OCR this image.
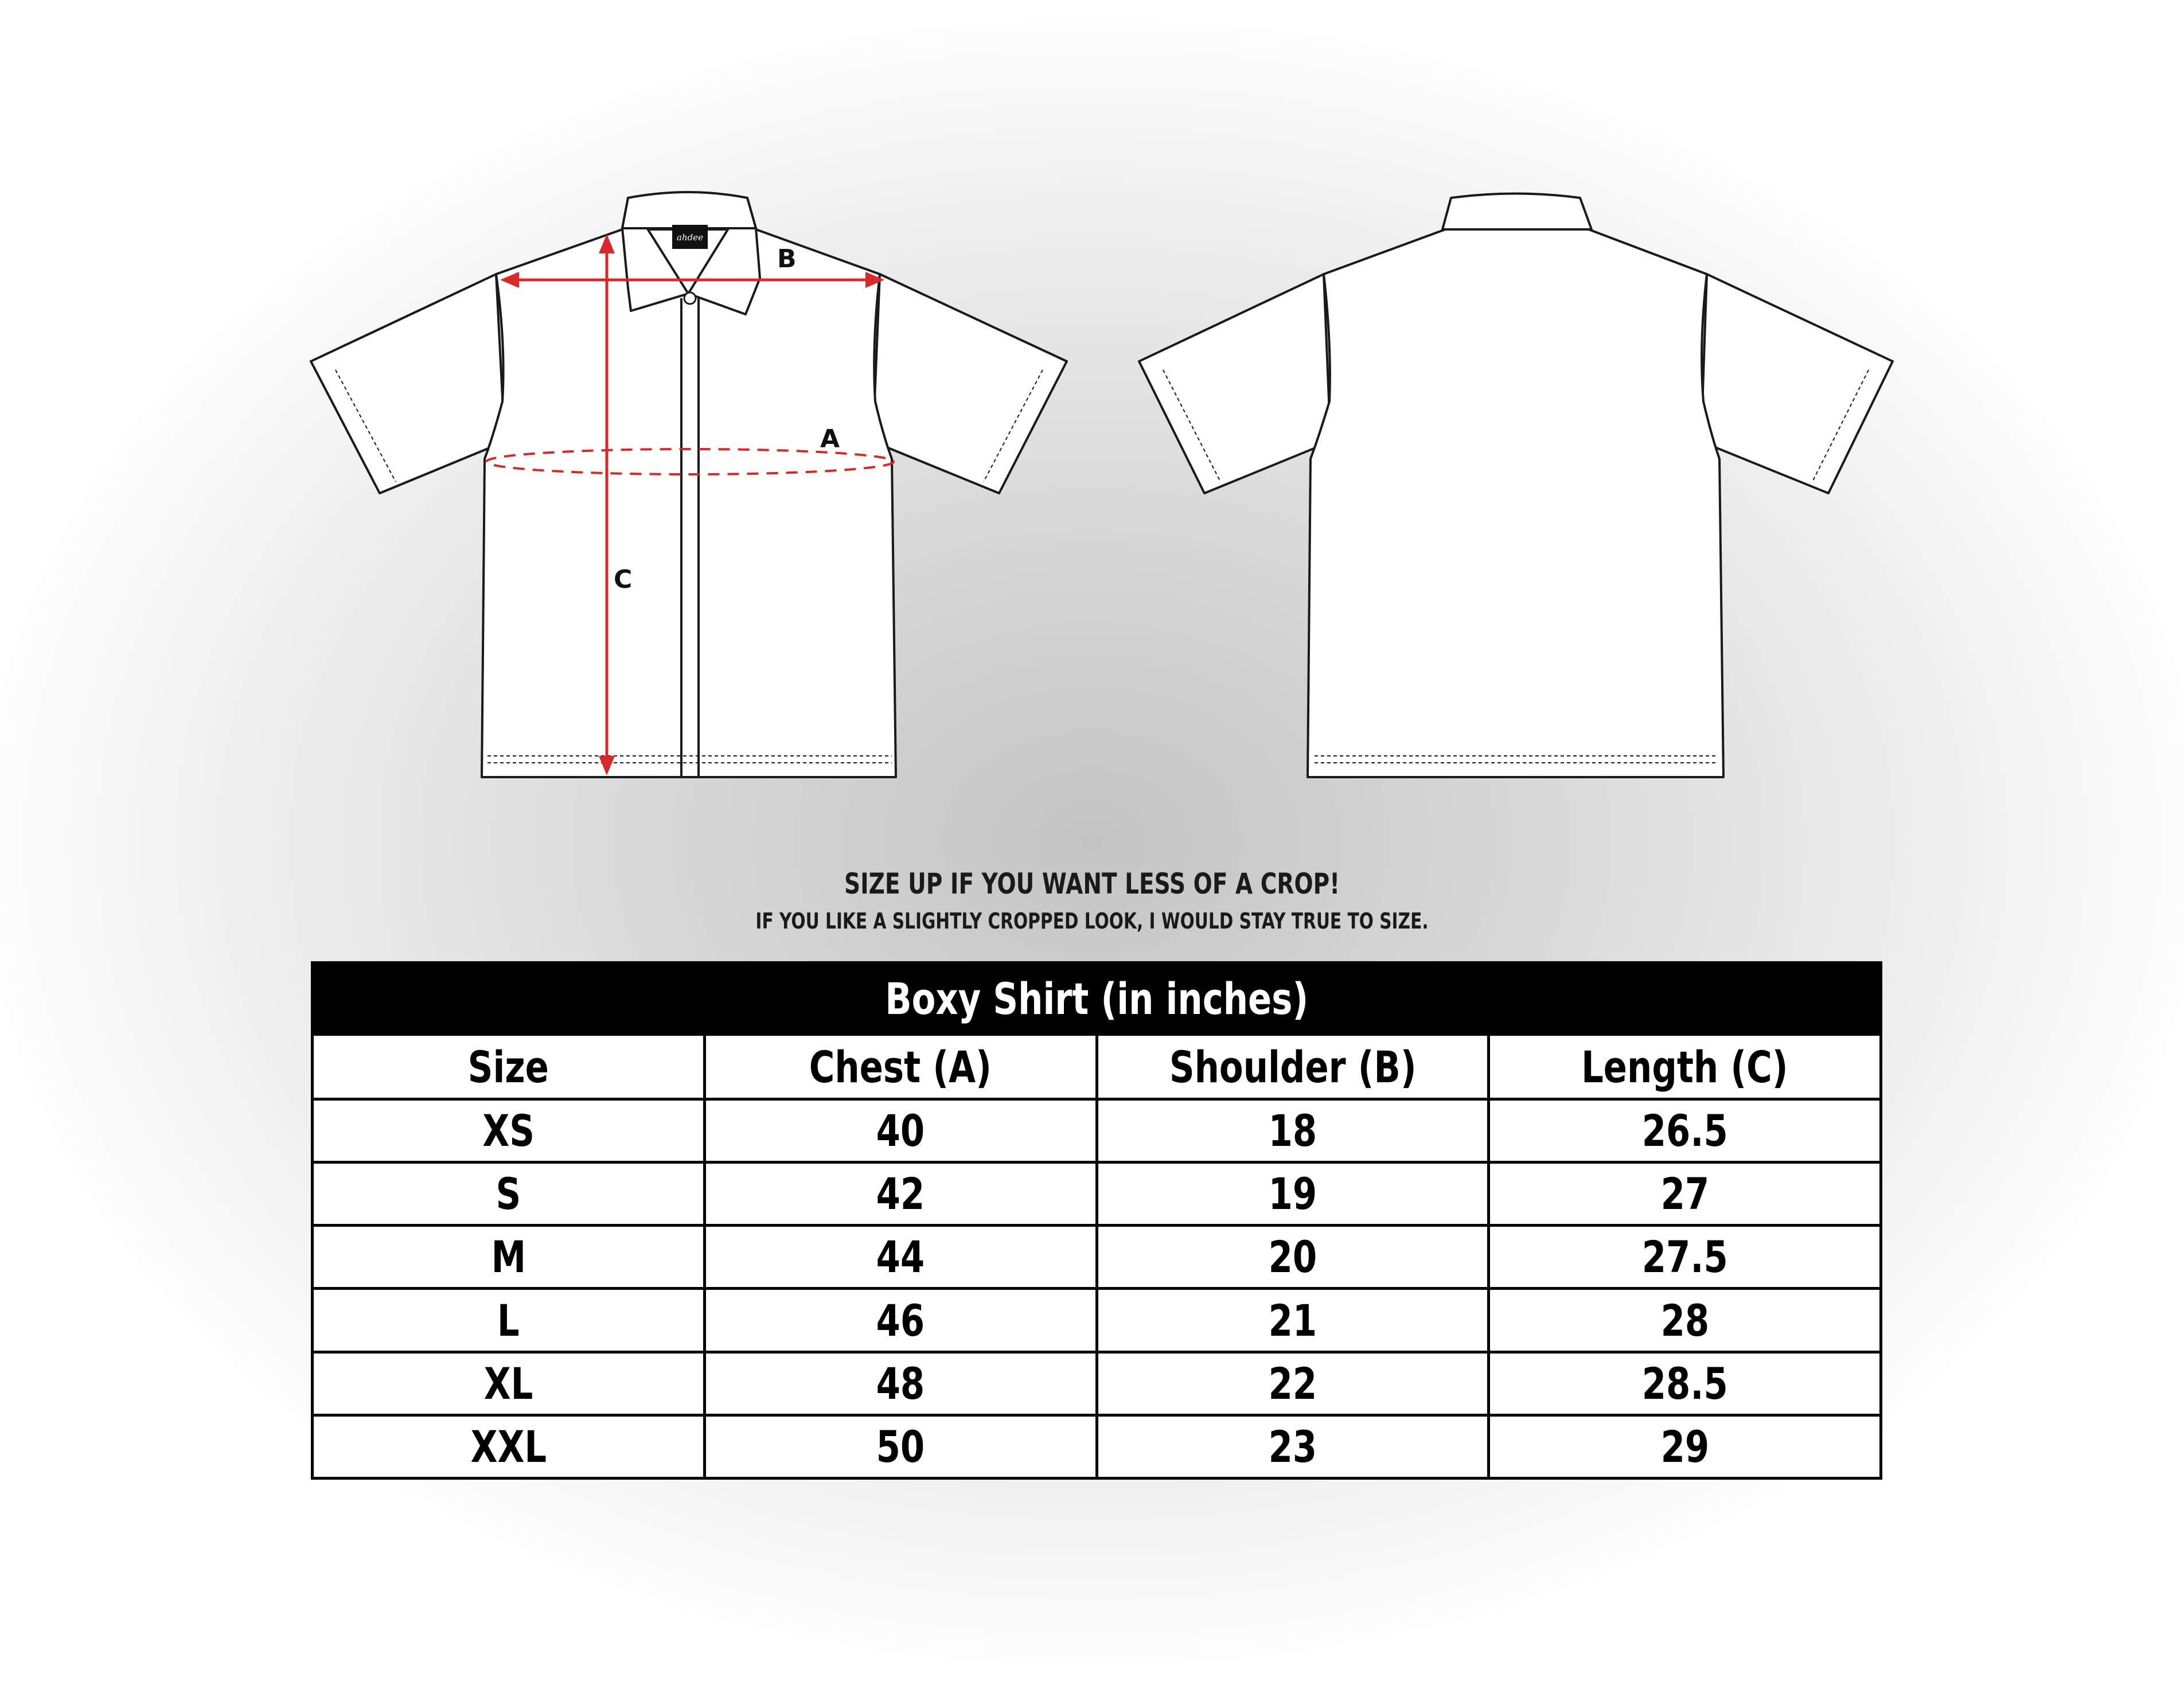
ahdee
B
A
C
SIZE UP IF YOU WANT LESS OF A CROP!
IF YOU LIKE A SLIGHTLY CROPPED LOOK, I WOULD STAY TRUE TO SIZE.
Boxy Shirt (in inches)			
Size	Chest (A)	Shoulder (B)	Length (C)
XS	40	18	26.5
S	42	19	27
M	44	20	27.5
L	46	21	28
XL	48	22	28.5
XXL	50	23	29
